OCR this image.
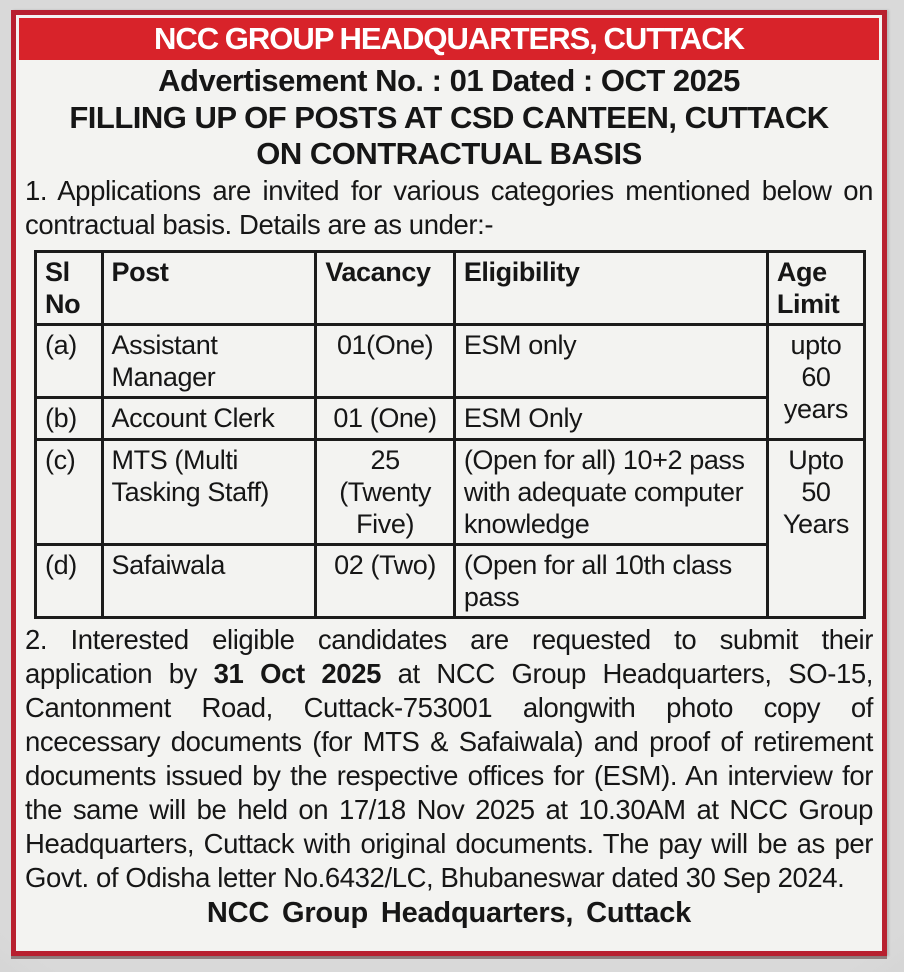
NCC GROUP HEADQUARTERS, CUTTACK
Advertisement No. : 01 Dated : OCT 2025
FILLING UP OF POSTS AT CSD CANTEEN, CUTTACK
ON CONTRACTUAL BASIS

1. Applications are invited for various categories mentioned below on contractual basis. Details are as under:-

Sl No	Post	Vacancy	Eligibility	Age Limit
(a)	Assistant Manager	01(One)	ESM only	upto 60 years
(b)	Account Clerk	01 (One)	ESM Only	
(c)	MTS (Multi Tasking Staff)	25 (Twenty Five)	(Open for all) 10+2 pass with adequate computer knowledge	Upto 50 Years
(d)	Safaiwala	02 (Two)	(Open for all 10th class pass	

2. Interested eligible candidates are requested to submit their application by 31 Oct 2025 at NCC Group Headquarters, SO-15, Cantonment Road, Cuttack-753001 alongwith photo copy of ncecessary documents (for MTS & Safaiwala) and proof of retirement documents issued by the respective offices for (ESM). An interview for the same will be held on 17/18 Nov 2025 at 10.30AM at NCC Group Headquarters, Cuttack with original documents. The pay will be as per Govt. of Odisha letter No.6432/LC, Bhubaneswar dated 30 Sep 2024.

NCC Group Headquarters, Cuttack
